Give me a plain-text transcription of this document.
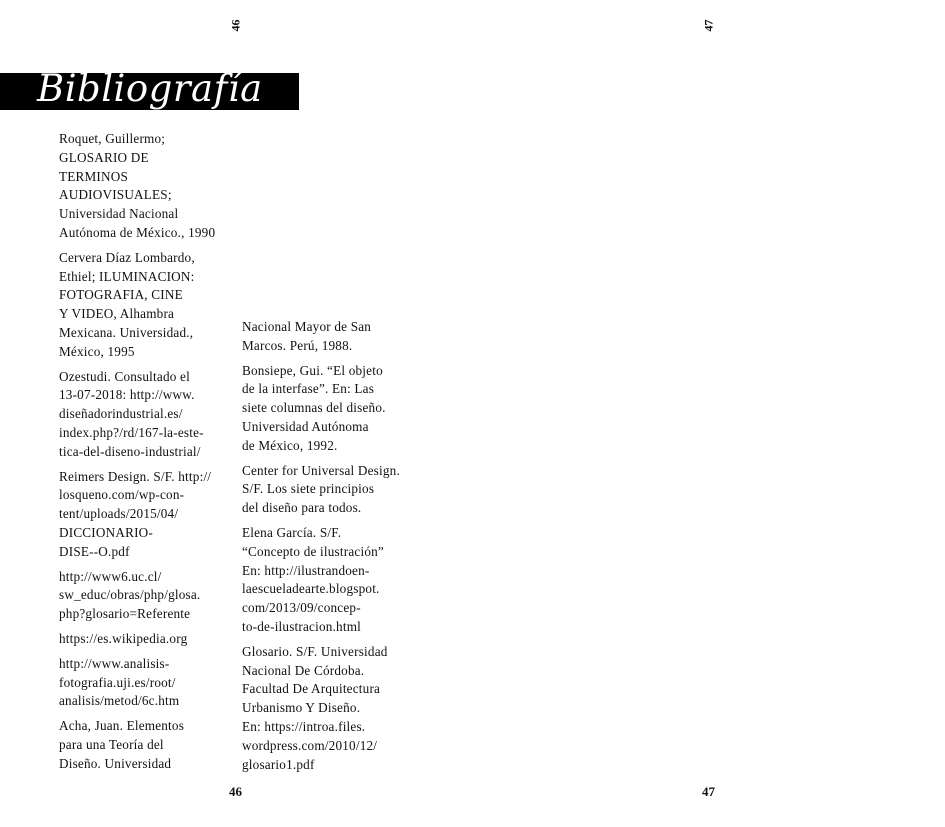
46	47
Bibliografía
Roquet, Guillermo;
GLOSARIO DE
TERMINOS
AUDIOVISUALES;
Universidad Nacional
Autónoma de México., 1990
Cervera Díaz Lombardo,
Ethiel; ILUMINACION:
FOTOGRAFIA, CINE
Y VIDEO, Alhambra
Mexicana. Universidad.,
México, 1995
Ozestudi. Consultado el
13-07-2018: http://www.
diseñadorindustrial.es/
index.php?/rd/167-la-este-
tica-del-diseno-industrial/
Reimers Design. S/F. http://
losqueno.com/wp-con-
tent/uploads/2015/04/
DICCIONARIO-
DISE--O.pdf
http://www6.uc.cl/
sw_educ/obras/php/glosa.
php?glosario=Referente
https://es.wikipedia.org
http://www.analisis-
fotografia.uji.es/root/
analisis/metod/6c.htm
Acha, Juan. Elementos
para una Teoría del
Diseño. Universidad
Nacional Mayor de San
Marcos. Perú, 1988.
Bonsiepe, Gui. “El objeto
de la interfase”. En: Las
siete columnas del diseño.
Universidad Autónoma
de México, 1992.
Center for Universal Design.
S/F. Los siete principios
del diseño para todos.
Elena García. S/F.
“Concepto de ilustración”
En: http://ilustrandoen-
laescueladearte.blogspot.
com/2013/09/concep-
to-de-ilustracion.html
Glosario. S/F. Universidad
Nacional De Córdoba.
Facultad De Arquitectura
Urbanismo Y Diseño.
En: https://introa.files.
wordpress.com/2010/12/
glosario1.pdf
46	47
